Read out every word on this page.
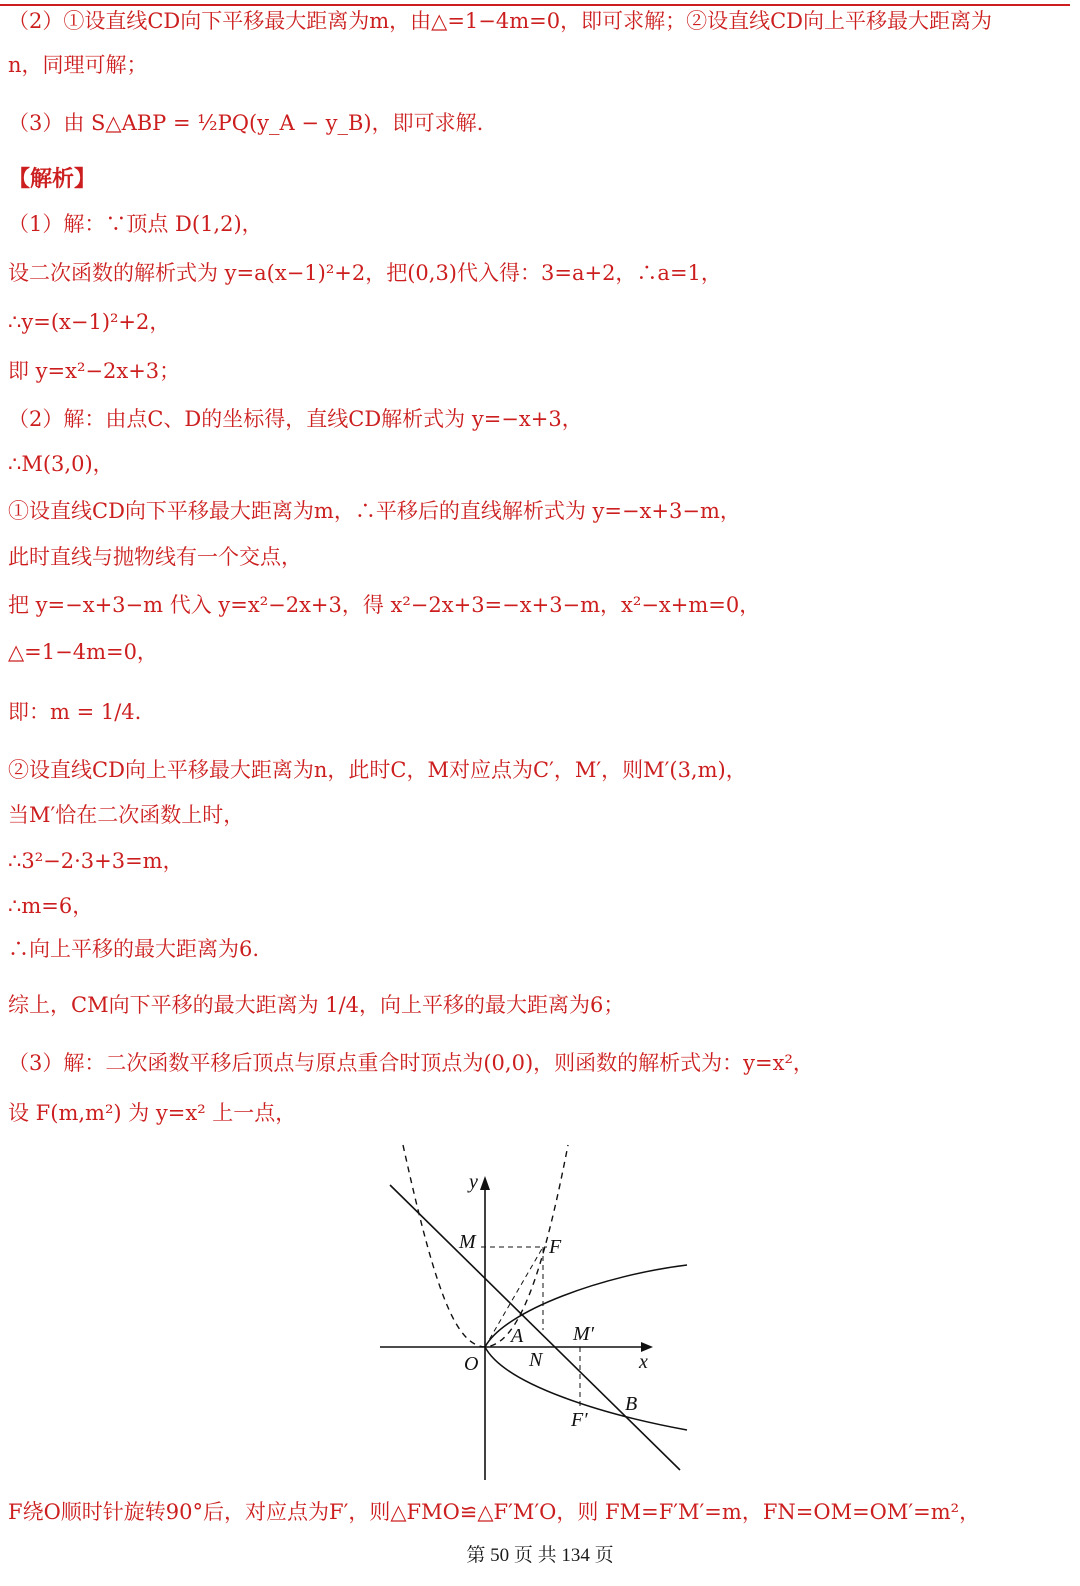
（2）①设直线CD向下平移最大距离为m，由△=1−4m=0，即可求解；②设直线CD向上平移最大距离为
n，同理可解；
（3）由 S△ABP = ½PQ(y_A − y_B)，即可求解.
【解析】
（1）解：∵顶点 D(1,2)，
设二次函数的解析式为 y=a(x−1)²+2，把(0,3)代入得：3=a+2，∴a=1，
∴y=(x−1)²+2，
即 y=x²−2x+3；
（2）解：由点C、D的坐标得，直线CD解析式为 y=−x+3，
∴M(3,0)，
①设直线CD向下平移最大距离为m，∴平移后的直线解析式为 y=−x+3−m，
此时直线与抛物线有一个交点，
把 y=−x+3−m 代入 y=x²−2x+3，得 x²−2x+3=−x+3−m，x²−x+m=0，
△=1−4m=0，
即：m = 1/4.
②设直线CD向上平移最大距离为n，此时C，M对应点为C′，M′，则M′(3,m)，
当M′恰在二次函数上时，
∴3²−2·3+3=m，
∴m=6，
∴向上平移的最大距离为6.
综上，CM向下平移的最大距离为 1/4，向上平移的最大距离为6；
（3）解：二次函数平移后顶点与原点重合时顶点为(0,0)，则函数的解析式为：y=x²，
设 F(m,m²) 为 y=x² 上一点，
F绕O顺时针旋转90°后，对应点为F′，则△FMO≌△F′M′O，则 FM=F′M′=m，FN=OM=OM′=m²，
y
M	F
A M′
O	N	x
B
F′
第 50 页 共 134 页
